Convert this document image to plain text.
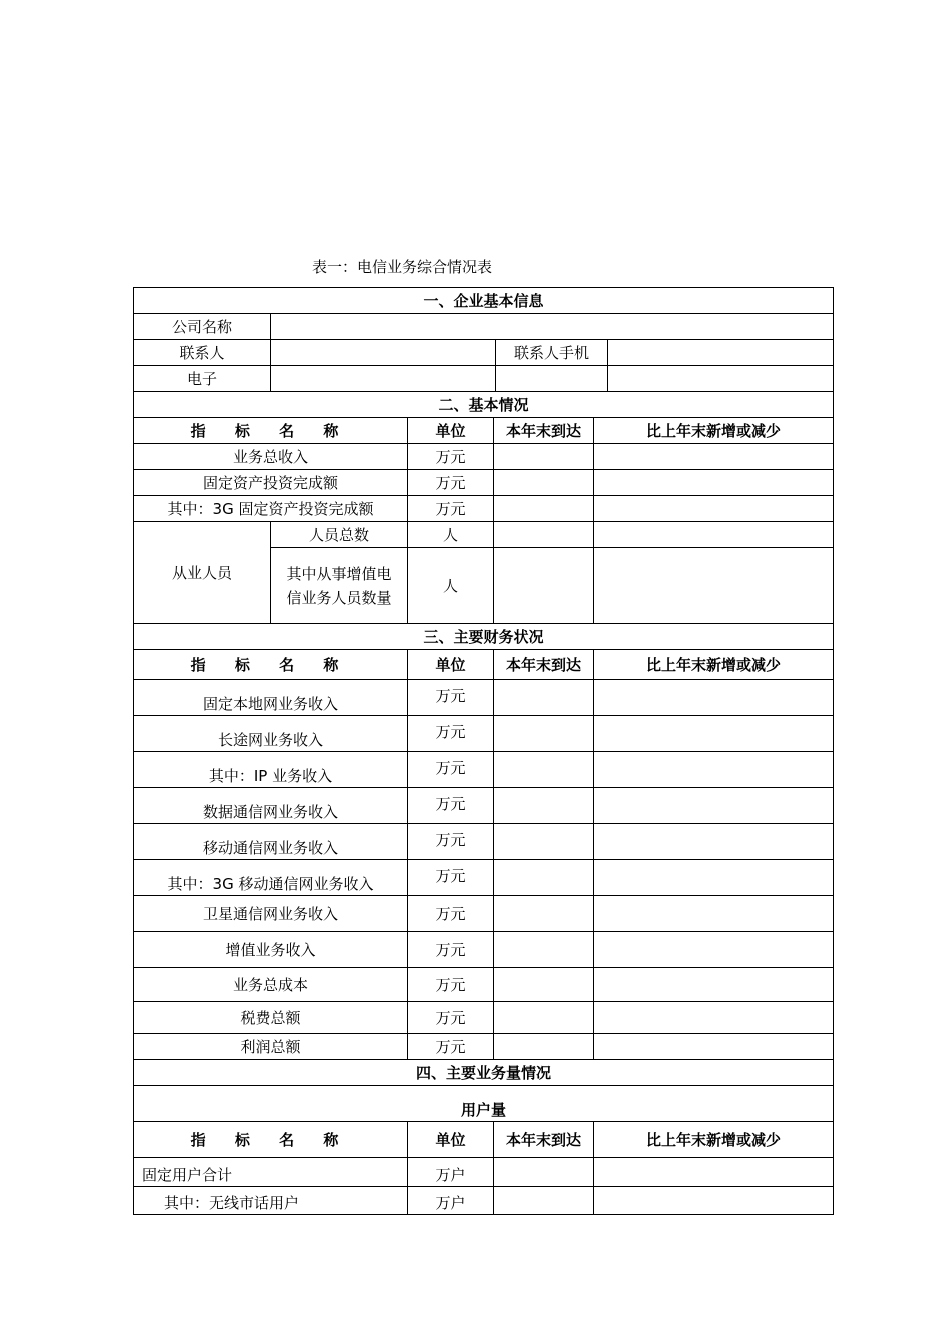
表一：电信业务综合情况表
一、企业基本信息						
公司名称						
联系人				联系人手机		
电子						
二、基本情况						
指 标 名 称		单位	本年末到达		比上年末新增或减少	
业务总收入		万元				
固定资产投资完成额		万元				
其中：3G 固定资产投资完成额		万元				
从业人员	人员总数	人				
	其中从事增值电信业务人员数量	人				
三、主要财务状况						
指 标 名 称		单位	本年末到达		比上年末新增或减少	
固定本地网业务收入		万元				
长途网业务收入		万元				
其中：IP 业务收入		万元				
数据通信网业务收入		万元				
移动通信网业务收入		万元				
其中：3G 移动通信网业务收入		万元				
卫星通信网业务收入		万元				
增值业务收入		万元				
业务总成本		万元				
税费总额		万元				
利润总额		万元				
四、主要业务量情况						
用户量						
指 标 名 称		单位	本年末到达		比上年末新增或减少	
固定用户合计		万户				
其中：无线市话用户		万户				
